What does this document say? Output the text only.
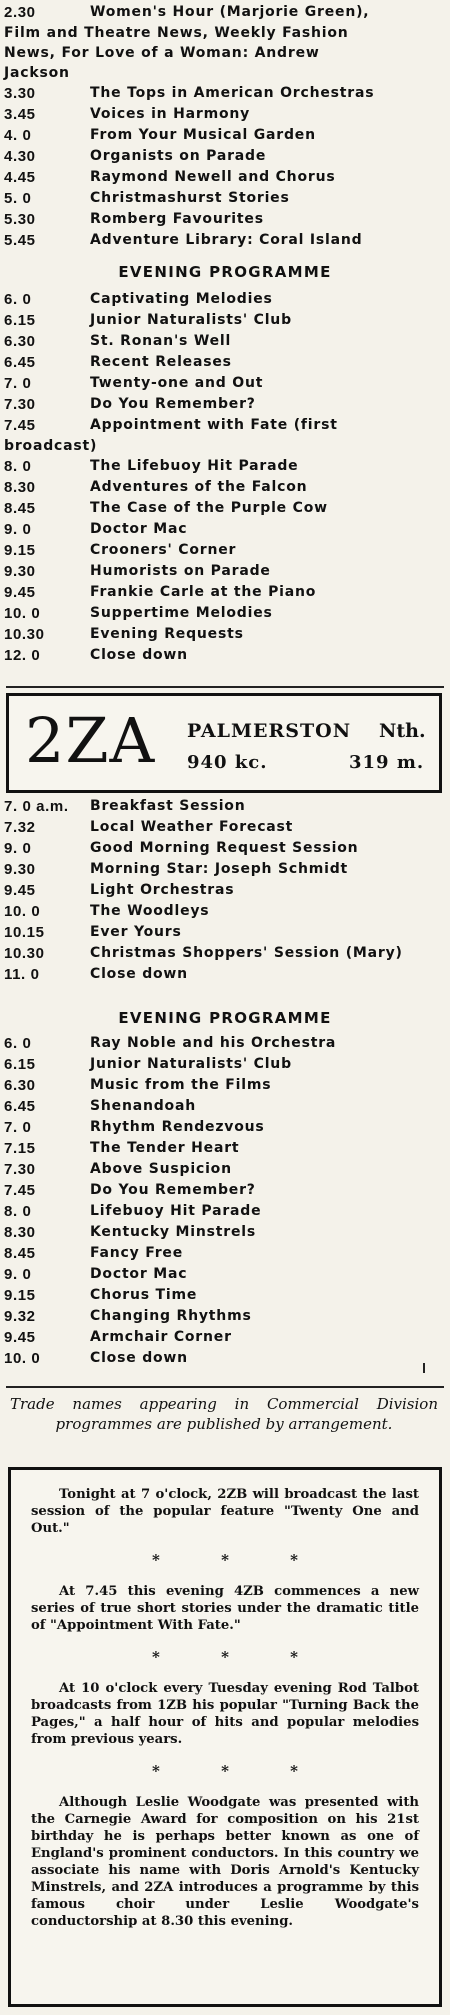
2.30	Women's Hour (Marjorie Green),
Film and Theatre News, Weekly Fashion
News, For Love of a Woman: Andrew
Jackson
3.30	The Tops in American Orchestras
3.45	Voices in Harmony
4. 0	From Your Musical Garden
4.30	Organists on Parade
4.45	Raymond Newell and Chorus
5. 0	Christmashurst Stories
5.30	Romberg Favourites
5.45	Adventure Library: Coral Island
EVENING PROGRAMME
6. 0	Captivating Melodies
6.15	Junior Naturalists' Club
6.30	St. Ronan's Well
6.45	Recent Releases
7. 0	Twenty-one and Out
7.30	Do You Remember?
7.45	Appointment with Fate (first
broadcast)
8. 0	The Lifebuoy Hit Parade
8.30	Adventures of the Falcon
8.45	The Case of the Purple Cow
9. 0	Doctor Mac
9.15	Crooners' Corner
9.30	Humorists on Parade
9.45	Frankie Carle at the Piano
10. 0	Suppertime Melodies
10.30	Evening Requests
12. 0	Close down
2ZA PALMERSTON Nth.
940 kc.	319 m.
7. 0 a.m.	Breakfast Session
7.32	Local Weather Forecast
9. 0	Good Morning Request Session
9.30	Morning Star: Joseph Schmidt
9.45	Light Orchestras
10. 0	The Woodleys
10.15	Ever Yours
10.30	Christmas Shoppers' Session (Mary)
11. 0	Close down
EVENING PROGRAMME
6. 0	Ray Noble and his Orchestra
6.15	Junior Naturalists' Club
6.30	Music from the Films
6.45	Shenandoah
7. 0	Rhythm Rendezvous
7.15	The Tender Heart
7.30	Above Suspicion
7.45	Do You Remember?
8. 0	Lifebuoy Hit Parade
8.30	Kentucky Minstrels
8.45	Fancy Free
9. 0	Doctor Mac
9.15	Chorus Time
9.32	Changing Rhythms
9.45	Armchair Corner
10. 0	Close down
Trade names appearing in Commercial Division programmes are published by arrangement.

Tonight at 7 o'clock, 2ZB will broadcast the last session of the popular feature "Twenty One and Out."

* * *

At 7.45 this evening 4ZB commences a new series of true short stories under the dramatic title of "Appointment With Fate."

* * *

At 10 o'clock every Tuesday evening Rod Talbot broadcasts from 1ZB his popular "Turning Back the Pages," a half hour of hits and popular melodies from previous years.

* * *

Although Leslie Woodgate was presented with the Carnegie Award for composition on his 21st birthday he is perhaps better known as one of England's prominent conductors. In this country we associate his name with Doris Arnold's Kentucky Minstrels, and 2ZA introduces a programme by this famous choir under Leslie Woodgate's conductorship at 8.30 this evening.
